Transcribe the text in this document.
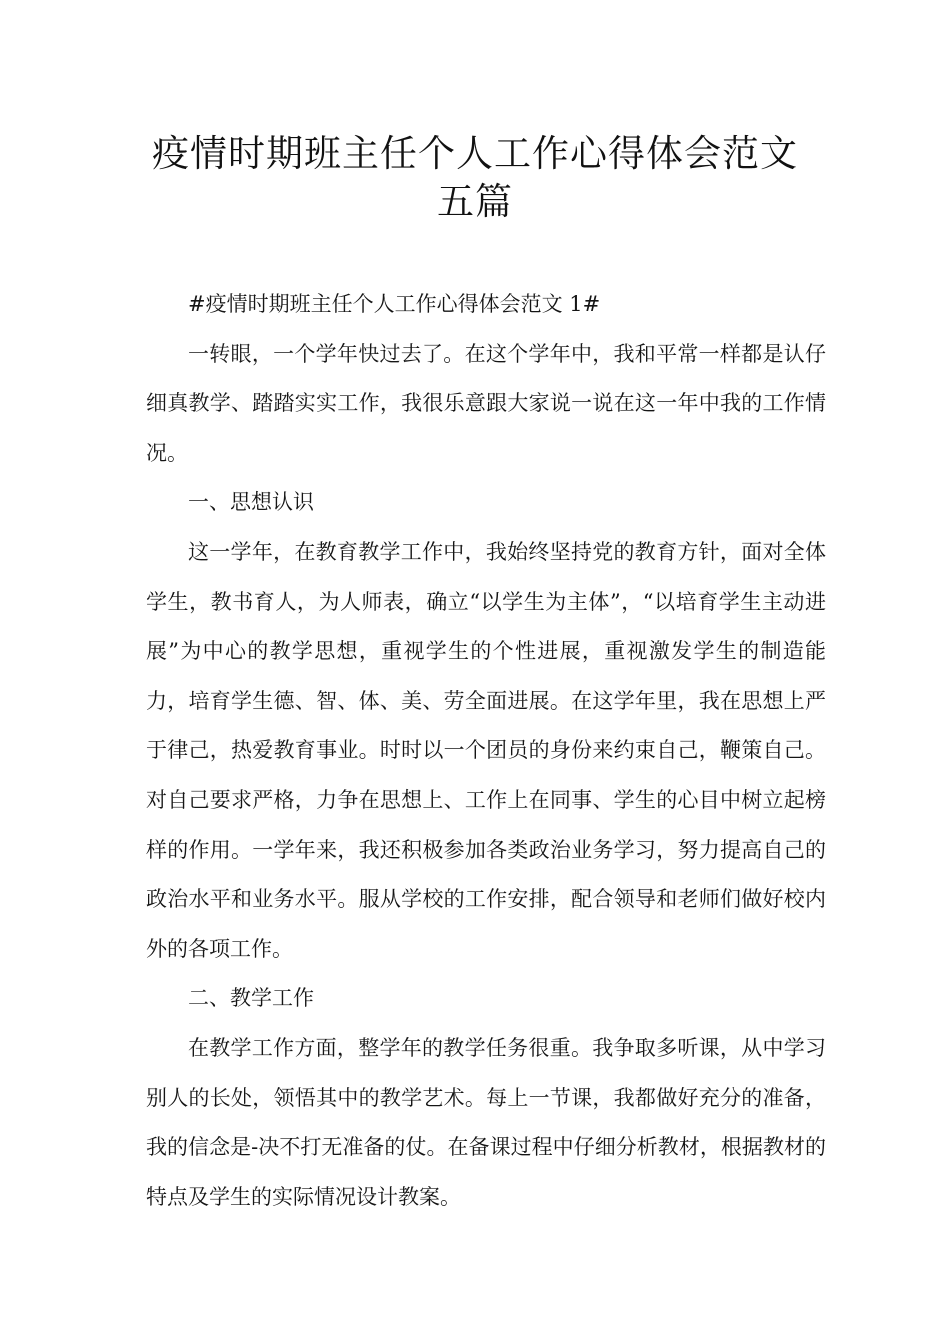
疫情时期班主任个人工作心得体会范文
五篇

#疫情时期班主任个人工作心得体会范文 1#

一转眼，一个学年快过去了。在这个学年中，我和平常一样都是认仔细真教学、踏踏实实工作，我很乐意跟大家说一说在这一年中我的工作情况。

一、思想认识

这一学年，在教育教学工作中，我始终坚持党的教育方针，面对全体学生，教书育人，为人师表，确立“以学生为主体”，“以培育学生主动进展”为中心的教学思想，重视学生的个性进展，重视激发学生的制造能力，培育学生德、智、体、美、劳全面进展。在这学年里，我在思想上严于律己，热爱教育事业。时时以一个团员的身份来约束自己，鞭策自己。对自己要求严格，力争在思想上、工作上在同事、学生的心目中树立起榜样的作用。一学年来，我还积极参加各类政治业务学习，努力提高自己的政治水平和业务水平。服从学校的工作安排，配合领导和老师们做好校内外的各项工作。

二、教学工作

在教学工作方面，整学年的教学任务很重。我争取多听课，从中学习别人的长处，领悟其中的教学艺术。每上一节课，我都做好充分的准备，我的信念是-决不打无准备的仗。在备课过程中仔细分析教材，根据教材的特点及学生的实际情况设计教案。
